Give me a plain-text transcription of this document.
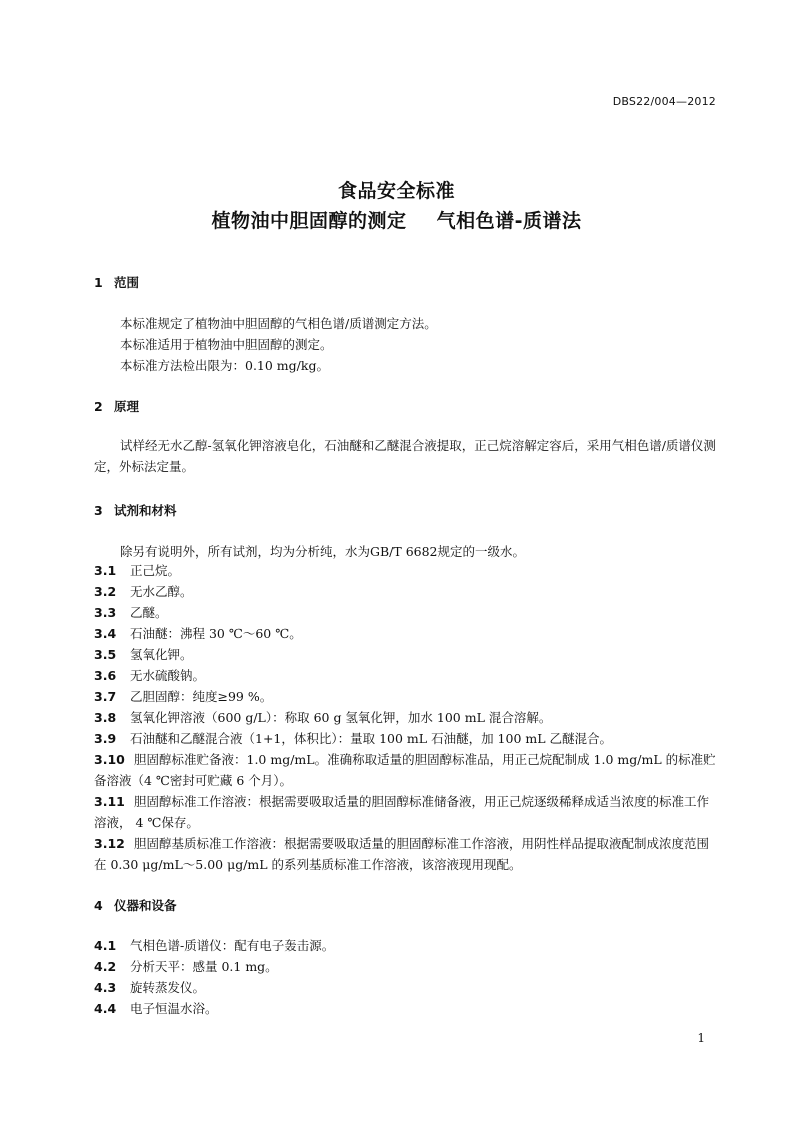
DBS22/004—2012
食品安全标准
植物油中胆固醇的测定 气相色谱-质谱法
1 范围
本标准规定了植物油中胆固醇的气相色谱/质谱测定方法。
本标准适用于植物油中胆固醇的测定。
本标准方法检出限为：0.10 mg/kg。
2 原理
试样经无水乙醇-氢氧化钾溶液皂化，石油醚和乙醚混合液提取，正己烷溶解定容后，采用气相色谱/质谱仪测定，外标法定量。
3 试剂和材料
除另有说明外，所有试剂，均为分析纯，水为GB/T 6682规定的一级水。
3.1 正己烷。
3.2 无水乙醇。
3.3 乙醚。
3.4 石油醚：沸程 30 ℃～60 ℃。
3.5 氢氧化钾。
3.6 无水硫酸钠。
3.7 乙胆固醇：纯度≥99 %。
3.8 氢氧化钾溶液（600 g/L）：称取 60 g 氢氧化钾，加水 100 mL 混合溶解。
3.9 石油醚和乙醚混合液（1+1，体积比）：量取 100 mL 石油醚，加 100 mL 乙醚混合。
3.10 胆固醇标准贮备液：1.0 mg/mL。准确称取适量的胆固醇标准品，用正己烷配制成 1.0 mg/mL 的标准贮备溶液（4 ℃密封可贮藏 6 个月）。
3.11 胆固醇标准工作溶液：根据需要吸取适量的胆固醇标准储备液，用正己烷逐级稀释成适当浓度的标准工作溶液， 4 ℃保存。
3.12 胆固醇基质标准工作溶液：根据需要吸取适量的胆固醇标准工作溶液，用阴性样品提取液配制成浓度范围在 0.30 μg/mL～5.00 μg/mL 的系列基质标准工作溶液，该溶液现用现配。
4 仪器和设备
4.1 气相色谱-质谱仪：配有电子轰击源。
4.2 分析天平：感量 0.1 mg。
4.3 旋转蒸发仪。
4.4 电子恒温水浴。
1
